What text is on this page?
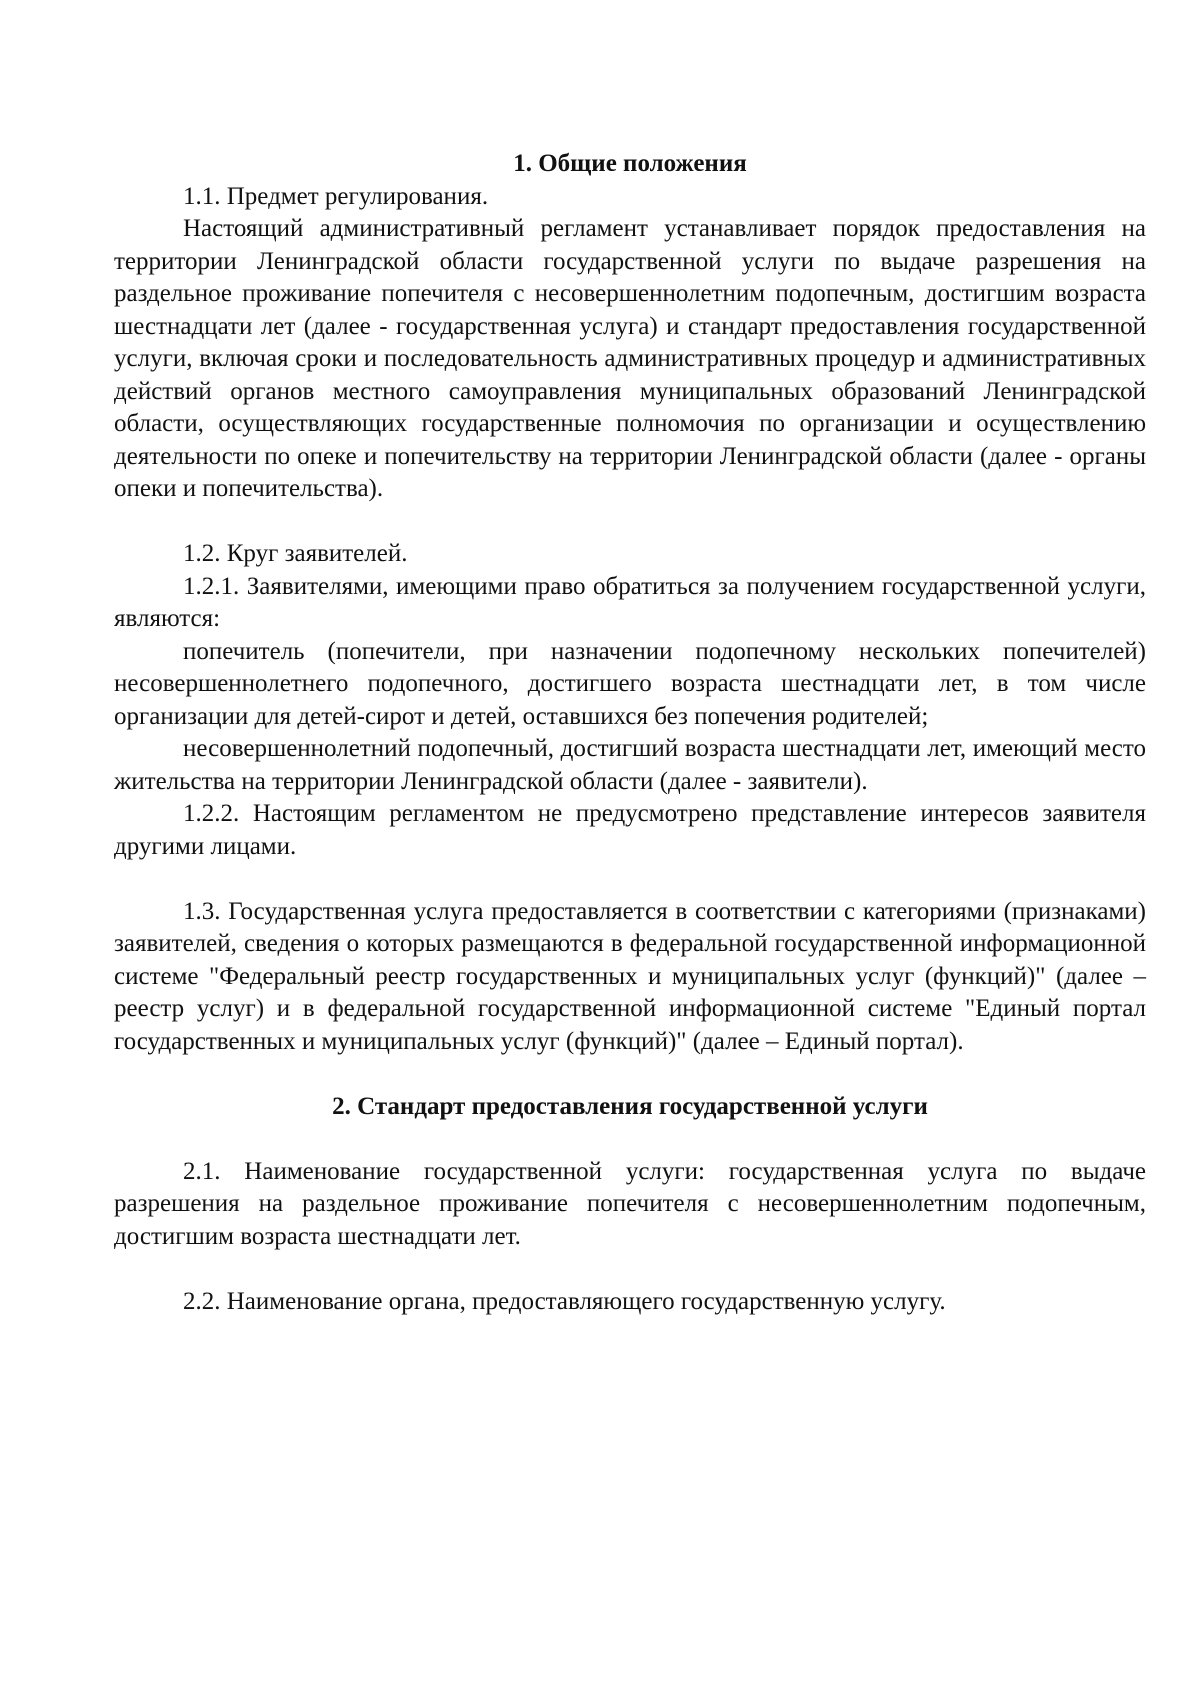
1. Общие положения

1.1. Предмет регулирования.

Настоящий административный регламент устанавливает порядок предоставления на территории Ленинградской области государственной услуги по выдаче разрешения на раздельное проживание попечителя с несовершеннолетним подопечным, достигшим возраста шестнадцати лет (далее - государственная услуга) и стандарт предоставления государственной услуги, включая сроки и последовательность административных процедур и административных действий органов местного самоуправления муниципальных образований Ленинградской области, осуществляющих государственные полномочия по организации и осуществлению деятельности по опеке и попечительству на территории Ленинградской области (далее - органы опеки и попечительства).

1.2. Круг заявителей.

1.2.1. Заявителями, имеющими право обратиться за получением государственной услуги, являются:

попечитель (попечители, при назначении подопечному нескольких попечителей) несовершеннолетнего подопечного, достигшего возраста шестнадцати лет, в том числе организации для детей-сирот и детей, оставшихся без попечения родителей;

несовершеннолетний подопечный, достигший возраста шестнадцати лет, имеющий место жительства на территории Ленинградской области (далее - заявители).

1.2.2. Настоящим регламентом не предусмотрено представление интересов заявителя другими лицами.

1.3. Государственная услуга предоставляется в соответствии с категориями (признаками) заявителей, сведения о которых размещаются в федеральной государственной информационной системе "Федеральный реестр государственных и муниципальных услуг (функций)" (далее – реестр услуг) и в федеральной государственной информационной системе "Единый портал государственных и муниципальных услуг (функций)" (далее – Единый портал).

2. Стандарт предоставления государственной услуги

2.1. Наименование государственной услуги: государственная услуга по выдаче разрешения на раздельное проживание попечителя с несовершеннолетним подопечным, достигшим возраста шестнадцати лет.

2.2. Наименование органа, предоставляющего государственную услугу.
